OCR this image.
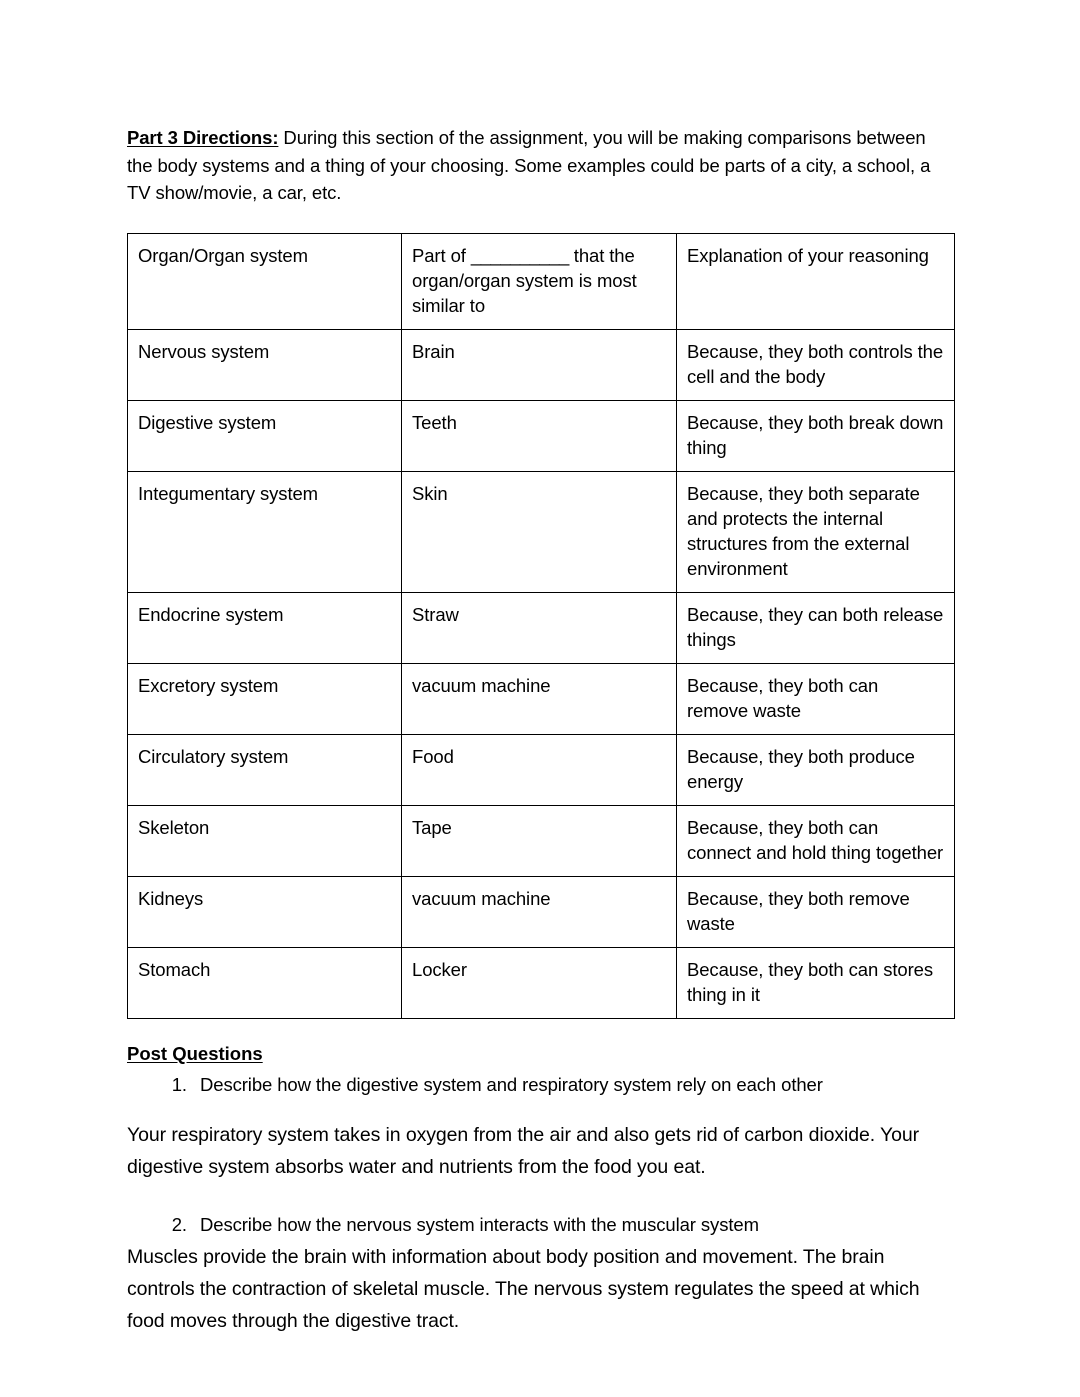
Part 3 Directions: During this section of the assignment, you will be making comparisons between the body systems and a thing of your choosing. Some examples could be parts of a city, a school, a TV show/movie, a car, etc.

Organ/Organ system	Part of __________ that the organ/organ system is most similar to	Explanation of your reasoning
Nervous system	Brain	Because, they both controls the cell and the body
Digestive system	Teeth	Because, they both break down thing
Integumentary system	Skin	Because, they both separate and protects the internal structures from the external environment
Endocrine system	Straw	Because, they can both release things
Excretory system	vacuum machine	Because, they both can remove waste
Circulatory system	Food	Because, they both produce energy
Skeleton	Tape	Because, they both can connect and hold thing together
Kidneys	vacuum machine	Because, they both remove waste
Stomach	Locker	Because, they both can stores thing in it
Post Questions
1. Describe how the digestive system and respiratory system rely on each other

Your respiratory system takes in oxygen from the air and also gets rid of carbon dioxide. Your digestive system absorbs water and nutrients from the food you eat.

2. Describe how the nervous system interacts with the muscular system

Muscles provide the brain with information about body position and movement. The brain controls the contraction of skeletal muscle. The nervous system regulates the speed at which food moves through the digestive tract.
